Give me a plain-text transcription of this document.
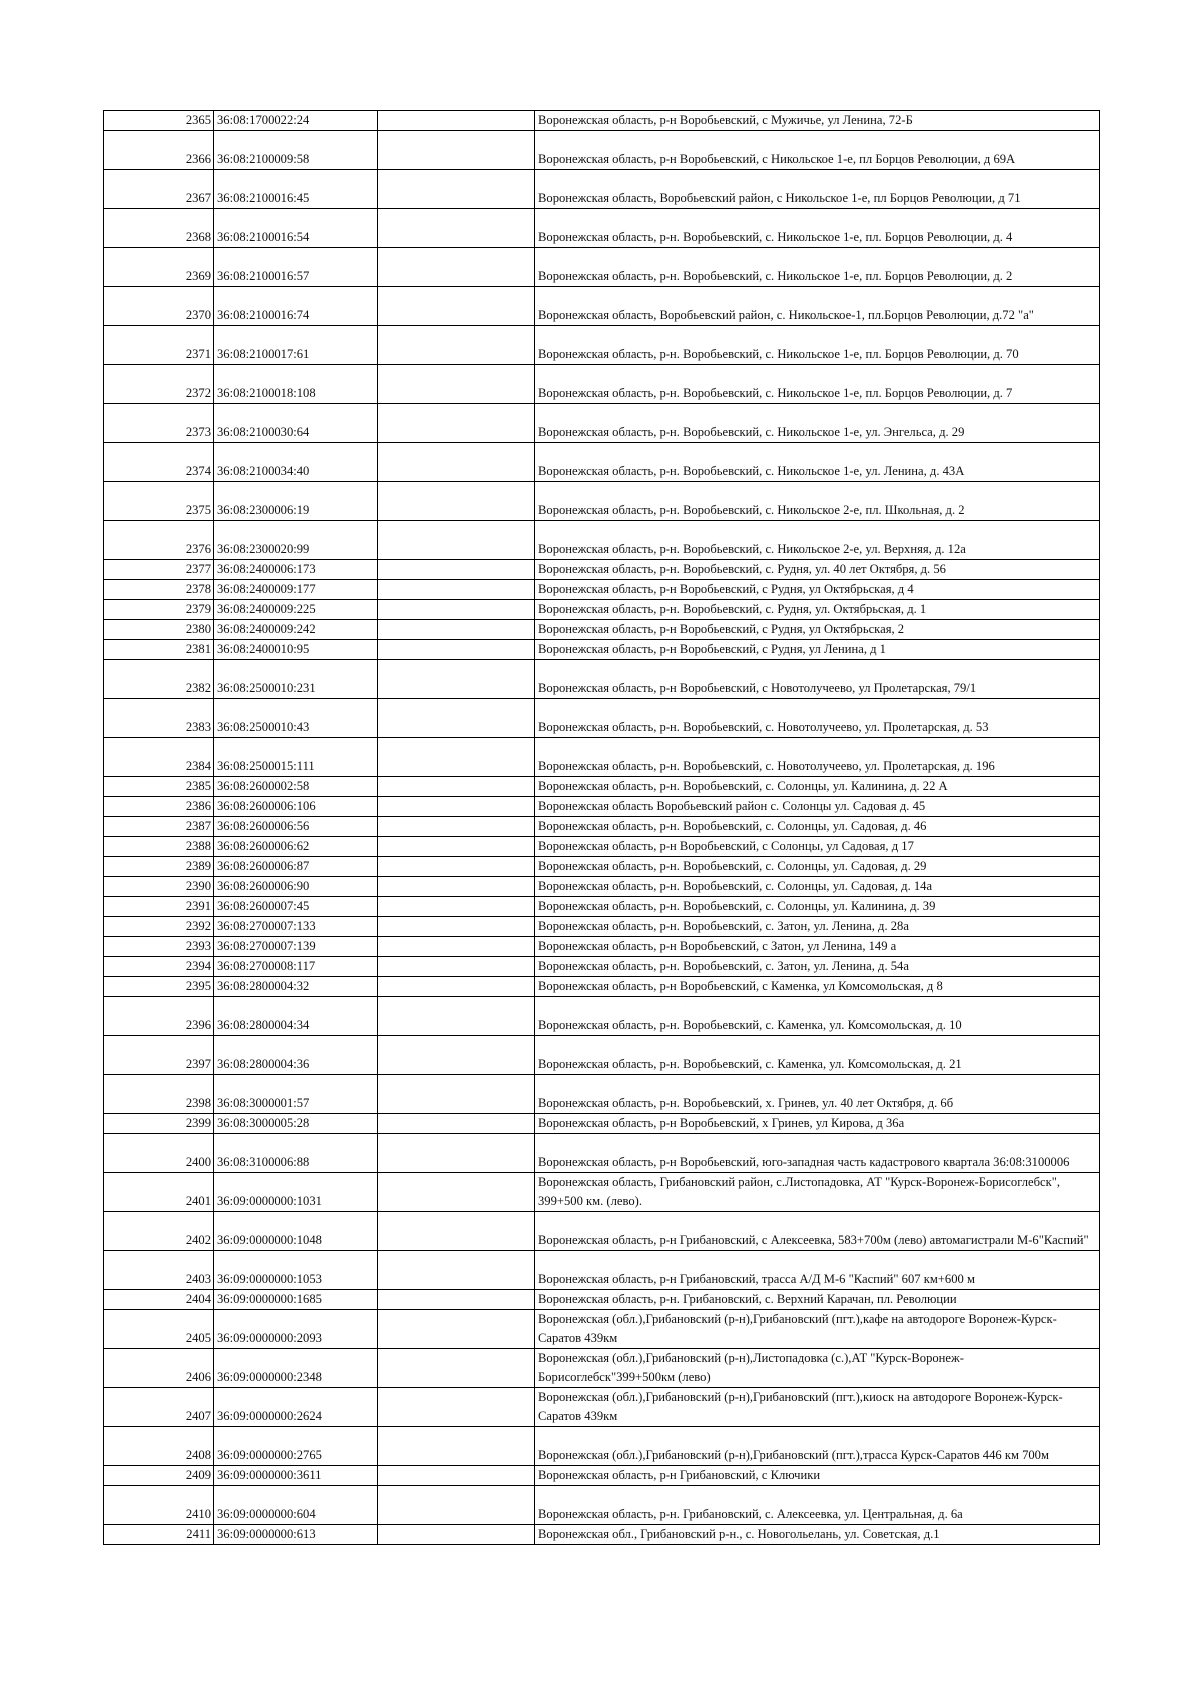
2365	36:08:1700022:24		Воронежская область, р-н Воробьевский, с Мужичье, ул Ленина, 72-Б
2366	36:08:2100009:58		Воронежская область, р-н Воробьевский, с Никольское 1-е, пл Борцов Революции, д 69А
2367	36:08:2100016:45		Воронежская область, Воробьевский район, с Никольское 1-е, пл Борцов Революции, д 71
2368	36:08:2100016:54		Воронежская область, р-н. Воробьевский, с. Никольское 1-е, пл. Борцов Революции, д. 4
2369	36:08:2100016:57		Воронежская область, р-н. Воробьевский, с. Никольское 1-е, пл. Борцов Революции, д. 2
2370	36:08:2100016:74		Воронежская область, Воробьевский район, с. Никольское-1, пл.Борцов Революции, д.72 "а"
2371	36:08:2100017:61		Воронежская область, р-н. Воробьевский, с. Никольское 1-е, пл. Борцов Революции, д. 70
2372	36:08:2100018:108		Воронежская область, р-н. Воробьевский, с. Никольское 1-е, пл. Борцов Революции, д. 7
2373	36:08:2100030:64		Воронежская область, р-н. Воробьевский, с. Никольское 1-е, ул. Энгельса, д. 29
2374	36:08:2100034:40		Воронежская область, р-н. Воробьевский, с. Никольское 1-е, ул. Ленина, д. 43А
2375	36:08:2300006:19		Воронежская область, р-н. Воробьевский, с. Никольское 2-е, пл. Школьная, д. 2
2376	36:08:2300020:99		Воронежская область, р-н. Воробьевский, с. Никольское 2-е, ул. Верхняя, д. 12а
2377	36:08:2400006:173		Воронежская область, р-н. Воробьевский, с. Рудня, ул. 40 лет Октября, д. 56
2378	36:08:2400009:177		Воронежская область, р-н Воробьевский, с Рудня, ул Октябрьская, д 4
2379	36:08:2400009:225		Воронежская область, р-н. Воробьевский, с. Рудня, ул. Октябрьская, д. 1
2380	36:08:2400009:242		Воронежская область, р-н Воробьевский, с Рудня, ул Октябрьская, 2
2381	36:08:2400010:95		Воронежская область, р-н Воробьевский, с Рудня, ул Ленина, д 1
2382	36:08:2500010:231		Воронежская область, р-н Воробьевский, с Новотолучеево, ул Пролетарская, 79/1
2383	36:08:2500010:43		Воронежская область, р-н. Воробьевский, с. Новотолучеево, ул. Пролетарская, д. 53
2384	36:08:2500015:111		Воронежская область, р-н. Воробьевский, с. Новотолучеево, ул. Пролетарская, д. 196
2385	36:08:2600002:58		Воронежская область, р-н. Воробьевский, с. Солонцы, ул. Калинина, д. 22 А
2386	36:08:2600006:106		Воронежская область Воробьевский район с. Солонцы ул. Садовая д. 45
2387	36:08:2600006:56		Воронежская область, р-н. Воробьевский, с. Солонцы, ул. Садовая, д. 46
2388	36:08:2600006:62		Воронежская область, р-н Воробьевский, с Солонцы, ул Садовая, д 17
2389	36:08:2600006:87		Воронежская область, р-н. Воробьевский, с. Солонцы, ул. Садовая, д. 29
2390	36:08:2600006:90		Воронежская область, р-н. Воробьевский, с. Солонцы, ул. Садовая, д. 14а
2391	36:08:2600007:45		Воронежская область, р-н. Воробьевский, с. Солонцы, ул. Калинина, д. 39
2392	36:08:2700007:133		Воронежская область, р-н. Воробьевский, с. Затон, ул. Ленина, д. 28а
2393	36:08:2700007:139		Воронежская область, р-н Воробьевский, с Затон, ул Ленина, 149 а
2394	36:08:2700008:117		Воронежская область, р-н. Воробьевский, с. Затон, ул. Ленина, д. 54а
2395	36:08:2800004:32		Воронежская область, р-н Воробьевский, с Каменка, ул Комсомольская, д 8
2396	36:08:2800004:34		Воронежская область, р-н. Воробьевский, с. Каменка, ул. Комсомольская, д. 10
2397	36:08:2800004:36		Воронежская область, р-н. Воробьевский, с. Каменка, ул. Комсомольская, д. 21
2398	36:08:3000001:57		Воронежская область, р-н. Воробьевский, х. Гринев, ул. 40 лет Октября, д. 6б
2399	36:08:3000005:28		Воронежская область, р-н Воробьевский, х Гринев, ул Кирова, д 36а
2400	36:08:3100006:88		Воронежская область, р-н Воробьевский, юго-западная часть кадастрового квартала 36:08:3100006
2401	36:09:0000000:1031		Воронежская область, Грибановский район, с.Листопадовка, АТ "Курск-Воронеж-Борисоглебск", 399+500 км. (лево).
2402	36:09:0000000:1048		Воронежская область, р-н Грибановский, с Алексеевка, 583+700м (лево) автомагистрали М-6"Каспий"
2403	36:09:0000000:1053		Воронежская область, р-н Грибановский, трасса А/Д М-6 "Каспий" 607 км+600 м
2404	36:09:0000000:1685		Воронежская область, р-н. Грибановский, с. Верхний Карачан, пл. Революции
2405	36:09:0000000:2093		Воронежская (обл.),Грибановский (р-н),Грибановский (пгт.),кафе на автодороге Воронеж-Курск-Саратов 439км
2406	36:09:0000000:2348		Воронежская (обл.),Грибановский (р-н),Листопадовка (с.),АТ "Курск-Воронеж-Борисоглебск"399+500км (лево)
2407	36:09:0000000:2624		Воронежская (обл.),Грибановский (р-н),Грибановский (пгт.),киоск на автодороге Воронеж-Курск-Саратов 439км
2408	36:09:0000000:2765		Воронежская (обл.),Грибановский (р-н),Грибановский (пгт.),трасса Курск-Саратов 446 км 700м
2409	36:09:0000000:3611		Воронежская область, р-н Грибановский, с Ключики
2410	36:09:0000000:604		Воронежская область, р-н. Грибановский, с. Алексеевка, ул. Центральная, д. 6а
2411	36:09:0000000:613		Воронежская обл., Грибановский р-н., с. Новогольелань, ул. Советская, д.1
